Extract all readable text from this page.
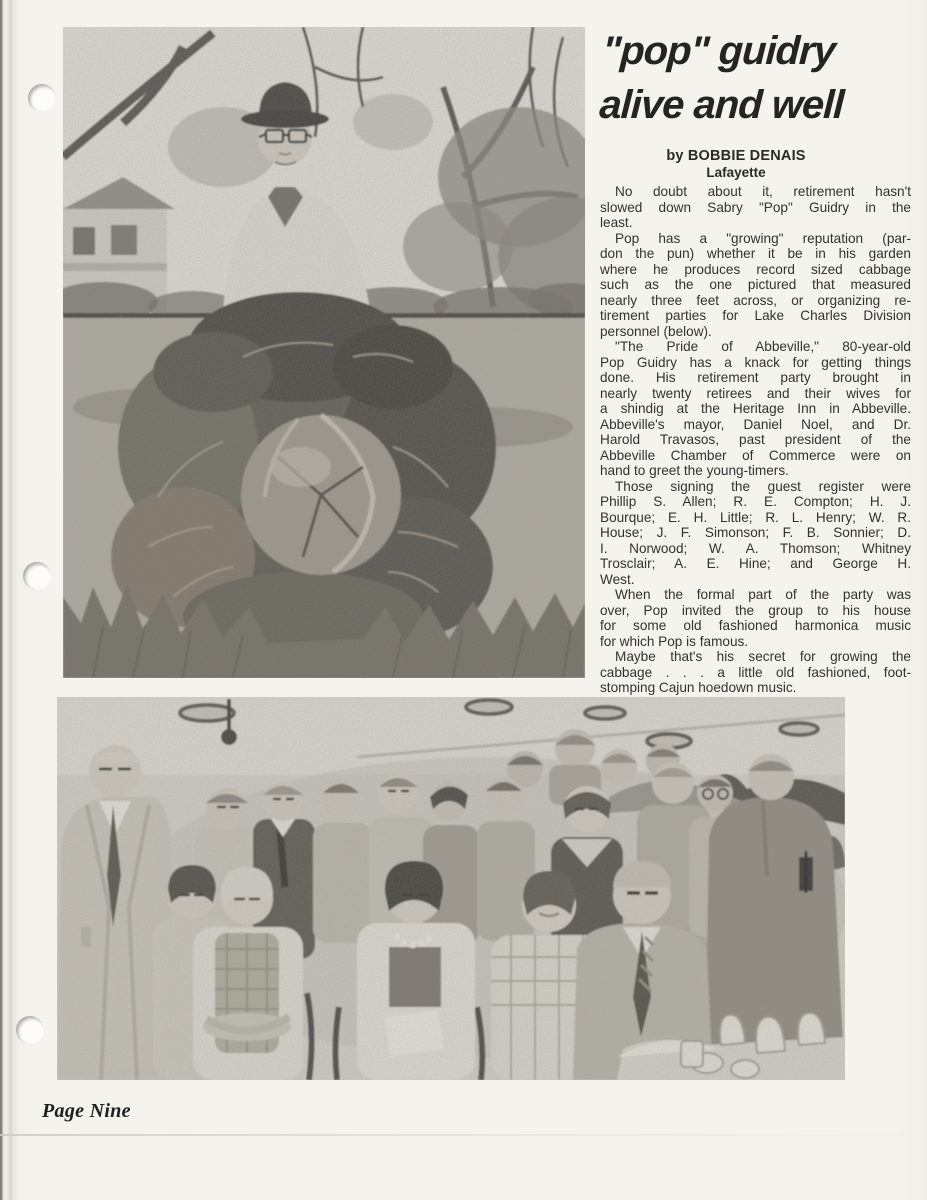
"pop" guidry
alive and well
by BOBBIE DENAIS
Lafayette
No doubt about it, retirement hasn't
slowed down Sabry "Pop" Guidry in the
least.
Pop has a "growing" reputation (par-
don the pun) whether it be in his garden
where he produces record sized cabbage
such as the one pictured that measured
nearly three feet across, or organizing re-
tirement parties for Lake Charles Division
personnel (below).
"The Pride of Abbeville," 80-year-old
Pop Guidry has a knack for getting things
done. His retirement party brought in
nearly twenty retirees and their wives for
a shindig at the Heritage Inn in Abbeville.
Abbeville's mayor, Daniel Noel, and Dr.
Harold Travasos, past president of the
Abbeville Chamber of Commerce were on
hand to greet the young-timers.
Those signing the guest register were
Phillip S. Allen; R. E. Compton; H. J.
Bourque; E. H. Little; R. L. Henry; W. R.
House; J. F. Simonson; F. B. Sonnier; D.
I. Norwood; W. A. Thomson; Whitney
Trosclair; A. E. Hine; and George H.
West.
When the formal part of the party was
over, Pop invited the group to his house
for some old fashioned harmonica music
for which Pop is famous.
Maybe that's his secret for growing the
cabbage . . . a little old fashioned, foot-
stomping Cajun hoedown music.
Page Nine
